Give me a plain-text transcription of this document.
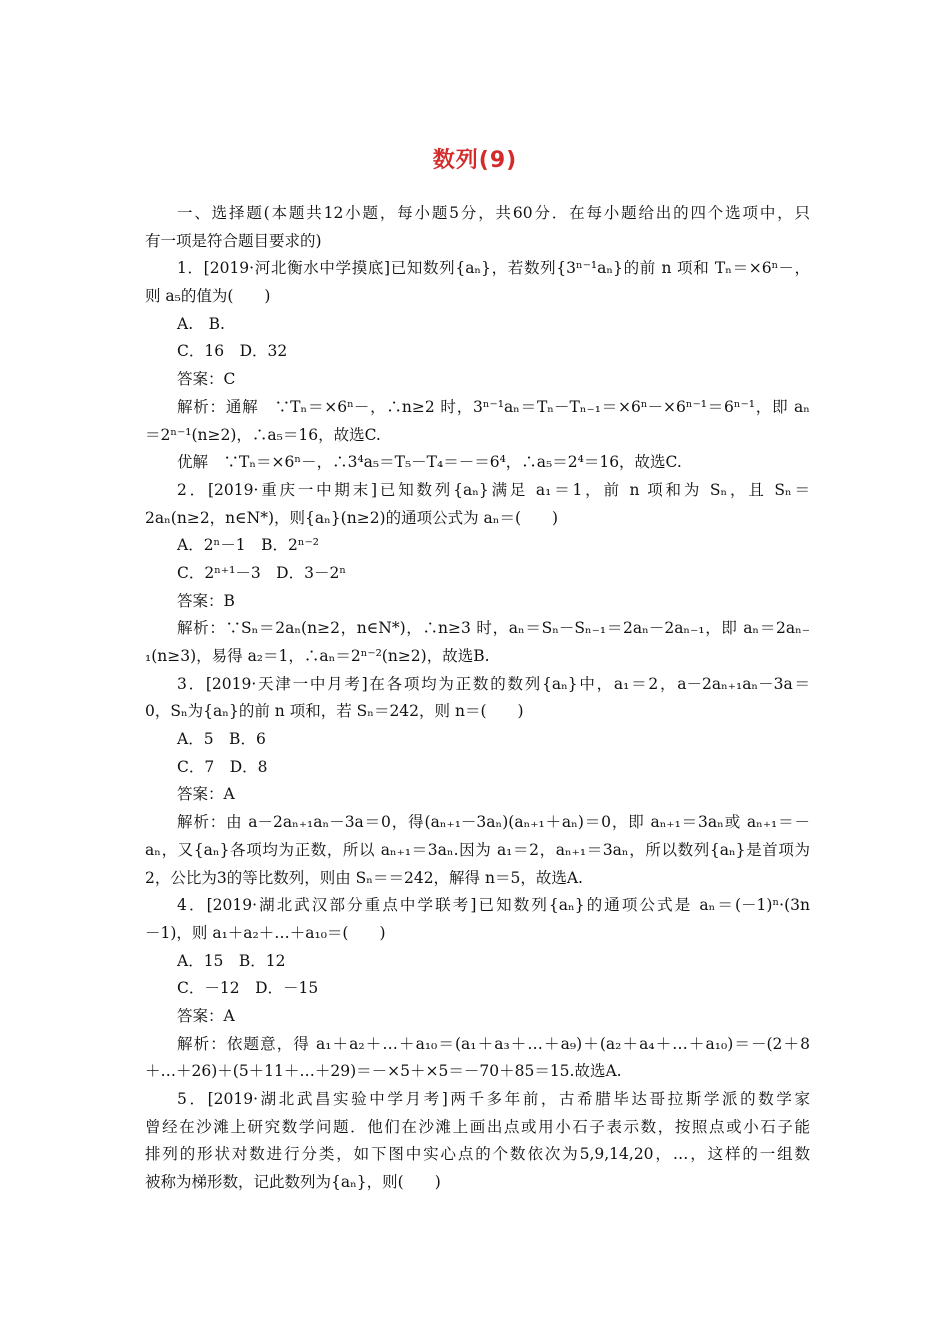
数列(9)
一、选择题(本题共12小题，每小题5分，共60分．在每小题给出的四个选项中，只
有一项是符合题目要求的)
1．[2019·河北衡水中学摸底]已知数列{aₙ}，若数列{3ⁿ⁻¹aₙ}的前 n 项和 Tₙ＝×6ⁿ－，
则 a₅的值为(　　)
A.　B.
C．16　D．32
答案：C
解析：通解　∵Tₙ＝×6ⁿ－，∴n≥2 时，3ⁿ⁻¹aₙ＝Tₙ－Tₙ₋₁＝×6ⁿ－×6ⁿ⁻¹＝6ⁿ⁻¹，即 aₙ
＝2ⁿ⁻¹(n≥2)，∴a₅＝16，故选C.
优解　∵Tₙ＝×6ⁿ－，∴3⁴a₅＝T₅－T₄＝－＝6⁴，∴a₅＝2⁴＝16，故选C.
2．[2019·重庆一中期末]已知数列{aₙ}满足 a₁＝1，前 n 项和为 Sₙ，且 Sₙ＝
2aₙ(n≥2，n∈N*)，则{aₙ}(n≥2)的通项公式为 aₙ＝(　　)
A．2ⁿ－1　B．2ⁿ⁻²
C．2ⁿ⁺¹－3　D．3－2ⁿ
答案：B
解析：∵Sₙ＝2aₙ(n≥2，n∈N*)，∴n≥3 时，aₙ＝Sₙ－Sₙ₋₁＝2aₙ－2aₙ₋₁，即 aₙ＝2aₙ₋
₁(n≥3)，易得 a₂＝1，∴aₙ＝2ⁿ⁻²(n≥2)，故选B.
3．[2019·天津一中月考]在各项均为正数的数列{aₙ}中，a₁＝2，a－2aₙ₊₁aₙ－3a＝
0，Sₙ为{aₙ}的前 n 项和，若 Sₙ＝242，则 n＝(　　)
A．5　B．6
C．7　D．8
答案：A
解析：由 a－2aₙ₊₁aₙ－3a＝0，得(aₙ₊₁－3aₙ)(aₙ₊₁＋aₙ)＝0，即 aₙ₊₁＝3aₙ或 aₙ₊₁＝－
aₙ，又{aₙ}各项均为正数，所以 aₙ₊₁＝3aₙ.因为 a₁＝2，aₙ₊₁＝3aₙ，所以数列{aₙ}是首项为
2，公比为3的等比数列，则由 Sₙ＝＝242，解得 n＝5，故选A.
4．[2019·湖北武汉部分重点中学联考]已知数列{aₙ}的通项公式是 aₙ＝(－1)ⁿ·(3n
－1)，则 a₁＋a₂＋…＋a₁₀＝(　　)
A．15　B．12
C．－12　D．－15
答案：A
解析：依题意，得 a₁＋a₂＋…＋a₁₀＝(a₁＋a₃＋…＋a₉)＋(a₂＋a₄＋…＋a₁₀)＝－(2＋8
＋…＋26)＋(5＋11＋…＋29)＝－×5＋×5＝－70＋85＝15.故选A.
5．[2019·湖北武昌实验中学月考]两千多年前，古希腊毕达哥拉斯学派的数学家
曾经在沙滩上研究数学问题．他们在沙滩上画出点或用小石子表示数，按照点或小石子能
排列的形状对数进行分类，如下图中实心点的个数依次为5,9,14,20，…，这样的一组数
被称为梯形数，记此数列为{aₙ}，则(　　)
